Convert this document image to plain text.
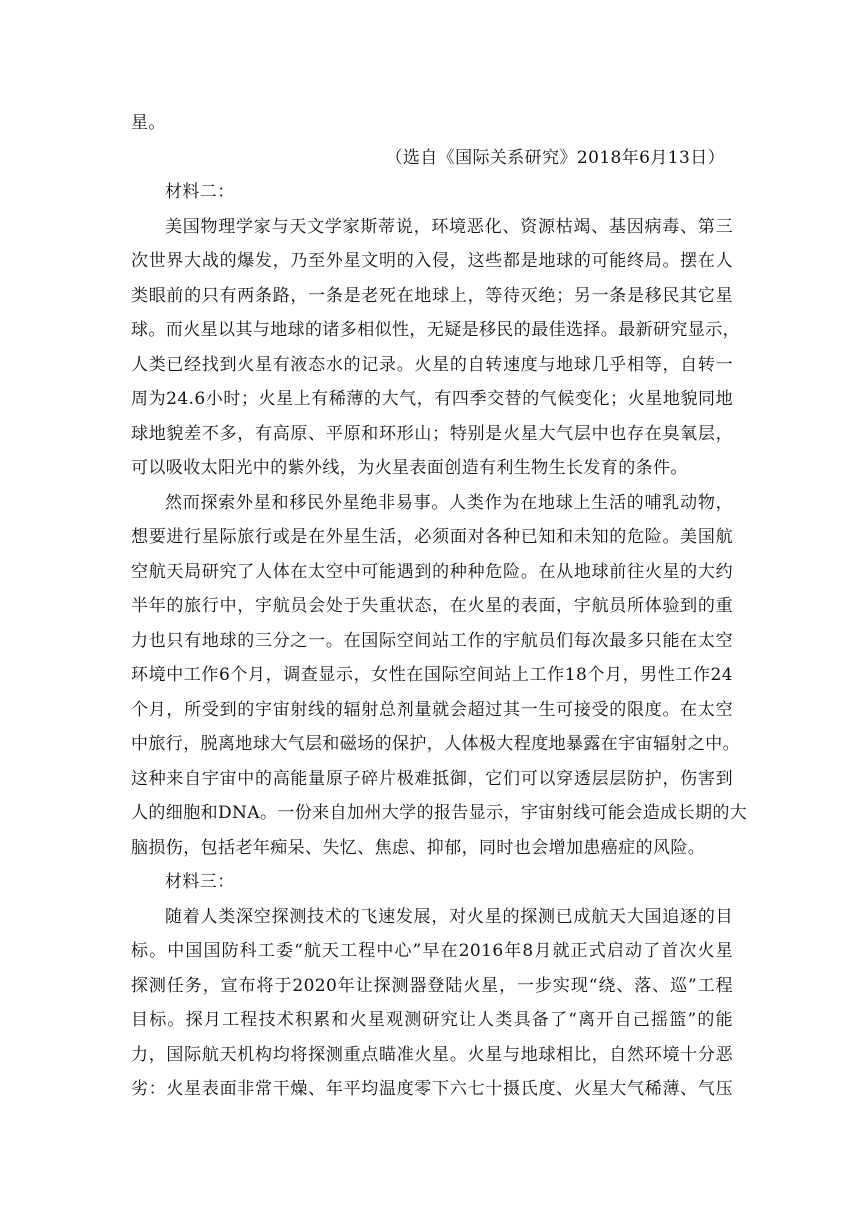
星。
（选自《国际关系研究》2018年6月13日）
材料二：
美国物理学家与天文学家斯蒂说，环境恶化、资源枯竭、基因病毒、第三
次世界大战的爆发，乃至外星文明的入侵，这些都是地球的可能终局。摆在人
类眼前的只有两条路，一条是老死在地球上，等待灭绝；另一条是移民其它星
球。而火星以其与地球的诸多相似性，无疑是移民的最佳选择。最新研究显示，
人类已经找到火星有液态水的记录。火星的自转速度与地球几乎相等，自转一
周为24.6小时；火星上有稀薄的大气，有四季交替的气候变化；火星地貌同地
球地貌差不多，有高原、平原和环形山；特别是火星大气层中也存在臭氧层，
可以吸收太阳光中的紫外线，为火星表面创造有利生物生长发育的条件。
然而探索外星和移民外星绝非易事。人类作为在地球上生活的哺乳动物，
想要进行星际旅行或是在外星生活，必须面对各种已知和未知的危险。美国航
空航天局研究了人体在太空中可能遇到的种种危险。在从地球前往火星的大约
半年的旅行中，宇航员会处于失重状态，在火星的表面，宇航员所体验到的重
力也只有地球的三分之一。在国际空间站工作的宇航员们每次最多只能在太空
环境中工作6个月，调查显示，女性在国际空间站上工作18个月，男性工作24
个月，所受到的宇宙射线的辐射总剂量就会超过其一生可接受的限度。在太空
中旅行，脱离地球大气层和磁场的保护，人体极大程度地暴露在宇宙辐射之中。
这种来自宇宙中的高能量原子碎片极难抵御，它们可以穿透层层防护，伤害到
人的细胞和DNA。一份来自加州大学的报告显示，宇宙射线可能会造成长期的大
脑损伤，包括老年痴呆、失忆、焦虑、抑郁，同时也会增加患癌症的风险。
材料三：
随着人类深空探测技术的飞速发展，对火星的探测已成航天大国追逐的目
标。中国国防科工委“航天工程中心”早在2016年8月就正式启动了首次火星
探测任务，宣布将于2020年让探测器登陆火星，一步实现“绕、落、巡”工程
目标。探月工程技术积累和火星观测研究让人类具备了“离开自己摇篮”的能
力，国际航天机构均将探测重点瞄准火星。火星与地球相比，自然环境十分恶
劣：火星表面非常干燥、年平均温度零下六七十摄氏度、火星大气稀薄、气压
